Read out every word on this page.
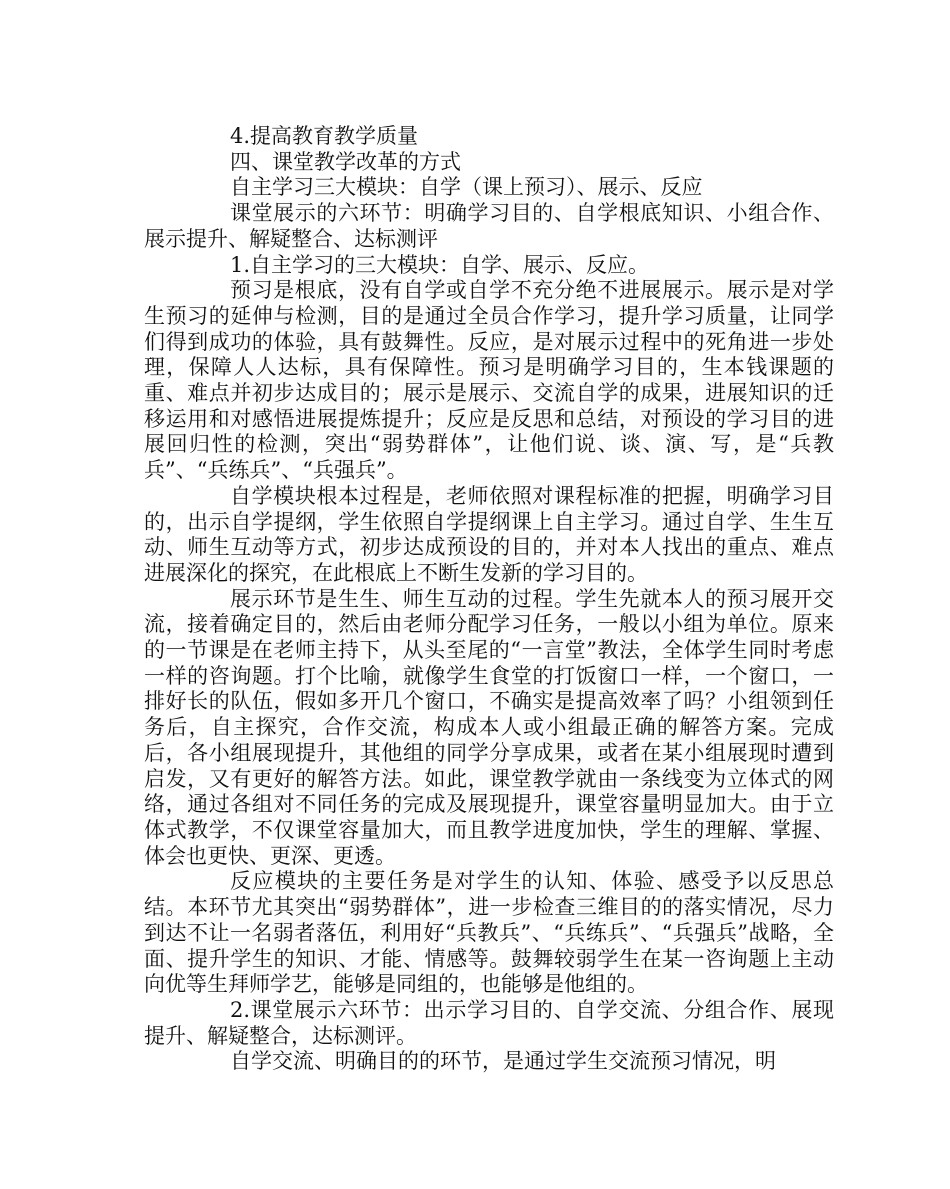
4.提高教育教学质量

四、课堂教学改革的方式

自主学习三大模块：自学（课上预习）、展示、反应

课堂展示的六环节：明确学习目的、自学根底知识、小组合作、展示提升、解疑整合、达标测评

1.自主学习的三大模块：自学、展示、反应。

预习是根底，没有自学或自学不充分绝不进展展示。展示是对学生预习的延伸与检测，目的是通过全员合作学习，提升学习质量，让同学们得到成功的体验，具有鼓舞性。反应，是对展示过程中的死角进一步处理，保障人人达标，具有保障性。预习是明确学习目的，生本钱课题的重、难点并初步达成目的；展示是展示、交流自学的成果，进展知识的迁移运用和对感悟进展提炼提升；反应是反思和总结，对预设的学习目的进展回归性的检测，突出“弱势群体”，让他们说、谈、演、写，是“兵教兵”、“兵练兵”、“兵强兵”。

自学模块根本过程是，老师依照对课程标准的把握，明确学习目的，出示自学提纲，学生依照自学提纲课上自主学习。通过自学、生生互动、师生互动等方式，初步达成预设的目的，并对本人找出的重点、难点进展深化的探究，在此根底上不断生发新的学习目的。

展示环节是生生、师生互动的过程。学生先就本人的预习展开交流，接着确定目的，然后由老师分配学习任务，一般以小组为单位。原来的一节课是在老师主持下，从头至尾的“一言堂”教法，全体学生同时考虑一样的咨询题。打个比喻，就像学生食堂的打饭窗口一样，一个窗口，一排好长的队伍，假如多开几个窗口，不确实是提高效率了吗？小组领到任务后，自主探究，合作交流，构成本人或小组最正确的解答方案。完成后，各小组展现提升，其他组的同学分享成果，或者在某小组展现时遭到启发，又有更好的解答方法。如此，课堂教学就由一条线变为立体式的网络，通过各组对不同任务的完成及展现提升，课堂容量明显加大。由于立体式教学，不仅课堂容量加大，而且教学进度加快，学生的理解、掌握、体会也更快、更深、更透。

反应模块的主要任务是对学生的认知、体验、感受予以反思总结。本环节尤其突出“弱势群体”，进一步检查三维目的的落实情况，尽力到达不让一名弱者落伍，利用好“兵教兵”、“兵练兵”、“兵强兵”战略，全面、提升学生的知识、才能、情感等。鼓舞较弱学生在某一咨询题上主动向优等生拜师学艺，能够是同组的，也能够是他组的。

2.课堂展示六环节：出示学习目的、自学交流、分组合作、展现提升、解疑整合，达标测评。

自学交流、明确目的的环节，是通过学生交流预习情况，明
